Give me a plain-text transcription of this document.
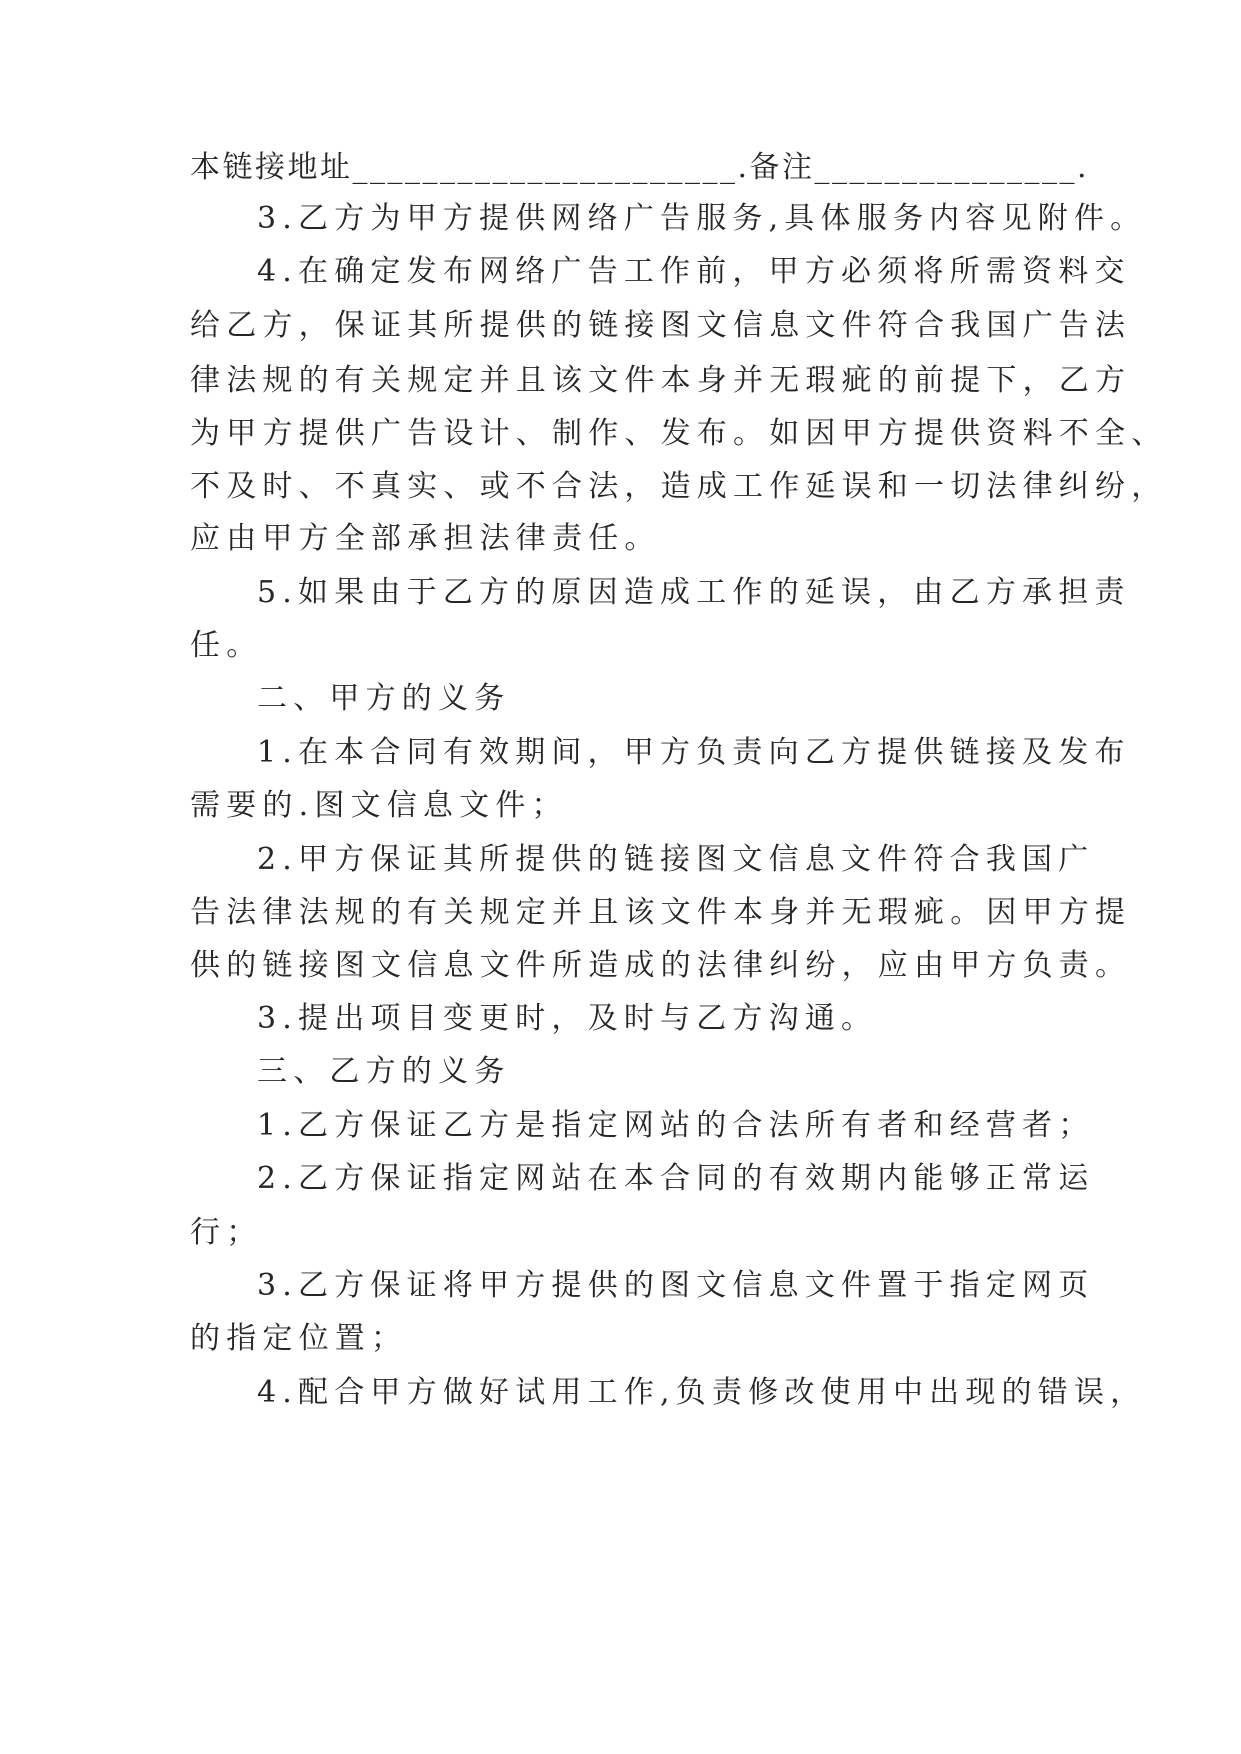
本链接地址______________________.备注_______________.
3.乙方为甲方提供网络广告服务,具体服务内容见附件。
4.在确定发布网络广告工作前，甲方必须将所需资料交
给乙方，保证其所提供的链接图文信息文件符合我国广告法
律法规的有关规定并且该文件本身并无瑕疵的前提下，乙方
为甲方提供广告设计、制作、发布。如因甲方提供资料不全、
不及时、不真实、或不合法，造成工作延误和一切法律纠纷，
应由甲方全部承担法律责任。
5.如果由于乙方的原因造成工作的延误，由乙方承担责
任。
二、甲方的义务
1.在本合同有效期间，甲方负责向乙方提供链接及发布
需要的.图文信息文件；
2.甲方保证其所提供的链接图文信息文件符合我国广
告法律法规的有关规定并且该文件本身并无瑕疵。因甲方提
供的链接图文信息文件所造成的法律纠纷，应由甲方负责。
3.提出项目变更时，及时与乙方沟通。
三、乙方的义务
1.乙方保证乙方是指定网站的合法所有者和经营者；
2.乙方保证指定网站在本合同的有效期内能够正常运
行；
3.乙方保证将甲方提供的图文信息文件置于指定网页
的指定位置；
4.配合甲方做好试用工作,负责修改使用中出现的错误，
